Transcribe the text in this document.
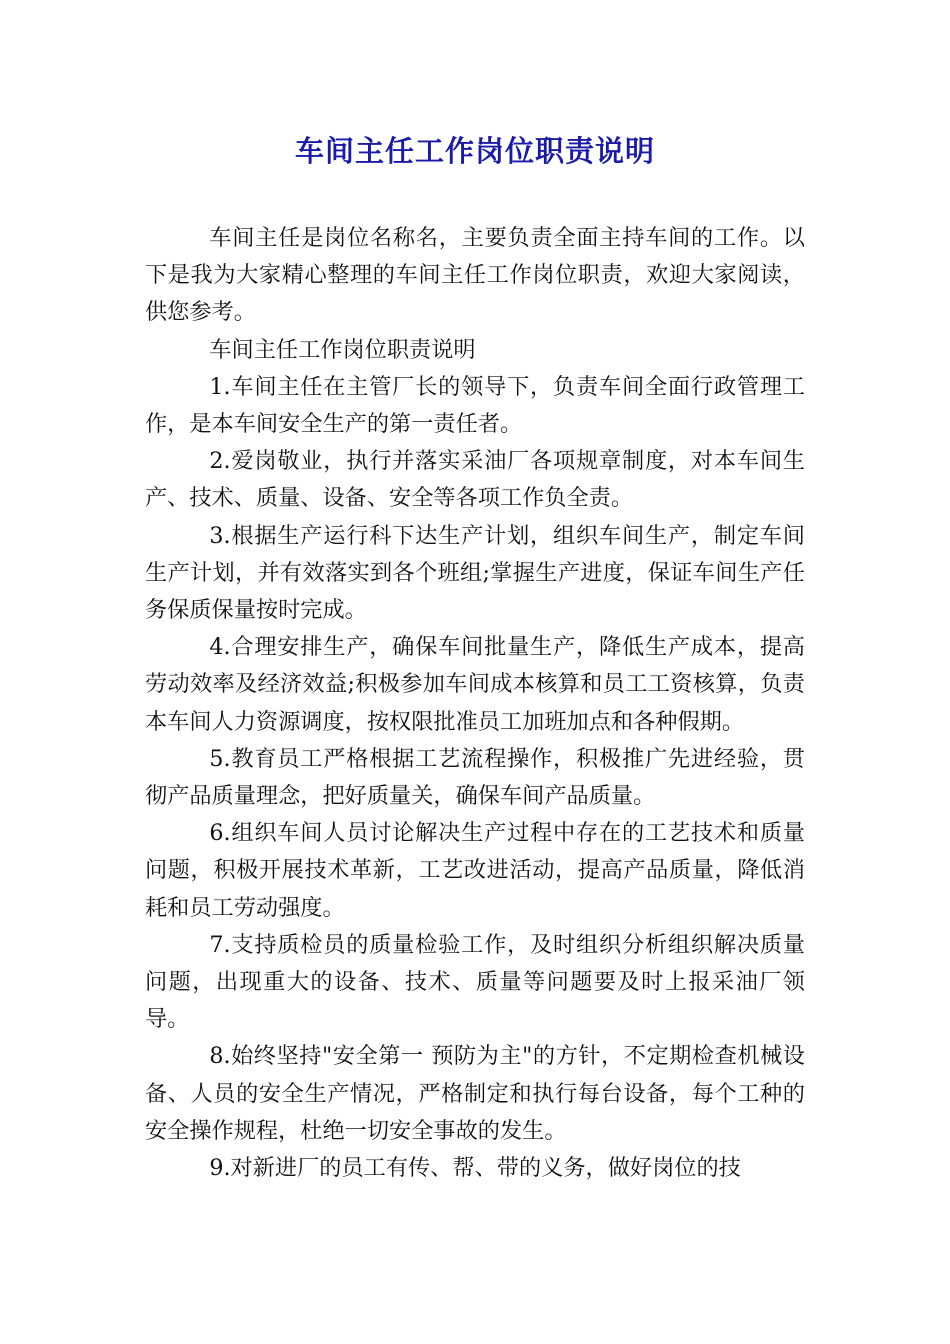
车间主任工作岗位职责说明

车间主任是岗位名称名，主要负责全面主持车间的工作。以下是我为大家精心整理的车间主任工作岗位职责，欢迎大家阅读，供您参考。

车间主任工作岗位职责说明

1.车间主任在主管厂长的领导下，负责车间全面行政管理工作，是本车间安全生产的第一责任者。

2.爱岗敬业，执行并落实采油厂各项规章制度，对本车间生产、技术、质量、设备、安全等各项工作负全责。

3.根据生产运行科下达生产计划，组织车间生产，制定车间生产计划，并有效落实到各个班组;掌握生产进度，保证车间生产任务保质保量按时完成。

4.合理安排生产，确保车间批量生产，降低生产成本，提高劳动效率及经济效益;积极参加车间成本核算和员工工资核算，负责本车间人力资源调度，按权限批准员工加班加点和各种假期。

5.教育员工严格根据工艺流程操作，积极推广先进经验，贯彻产品质量理念，把好质量关，确保车间产品质量。

6.组织车间人员讨论解决生产过程中存在的工艺技术和质量问题，积极开展技术革新，工艺改进活动，提高产品质量，降低消耗和员工劳动强度。

7.支持质检员的质量检验工作，及时组织分析组织解决质量问题，出现重大的设备、技术、质量等问题要及时上报采油厂领导。

8.始终坚持"安全第一 预防为主"的方针，不定期检查机械设备、人员的安全生产情况，严格制定和执行每台设备，每个工种的安全操作规程，杜绝一切安全事故的发生。

9.对新进厂的员工有传、帮、带的义务，做好岗位的技
